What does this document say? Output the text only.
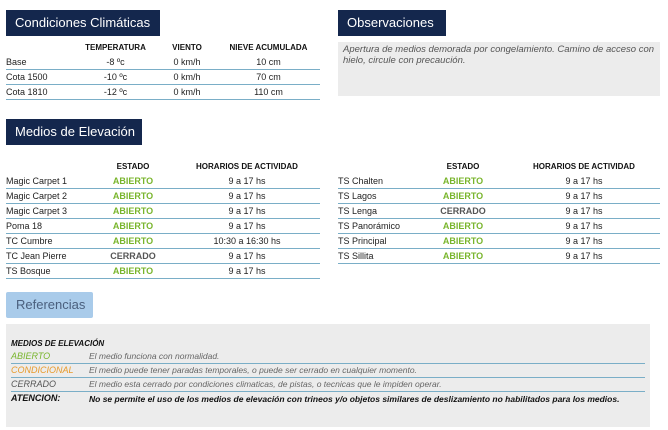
Condiciones Climáticas
	TEMPERATURA	VIENTO	NIEVE ACUMULADA
Base	-8 ºc	0 km/h	10 cm
Cota 1500	-10 ºc	0 km/h	70 cm
Cota 1810	-12 ºc	0 km/h	110 cm
Observaciones
Apertura de medios demorada por congelamiento. Camino de acceso con hielo, circule con precaución.
Medios de Elevación
	ESTADO	HORARIOS DE ACTIVIDAD
Magic Carpet 1	ABIERTO	9 a 17 hs
Magic Carpet 2	ABIERTO	9 a 17 hs
Magic Carpet 3	ABIERTO	9 a 17 hs
Poma 18	ABIERTO	9 a 17 hs
TC Cumbre	ABIERTO	10:30 a 16:30 hs
TC Jean Pierre	CERRADO	9 a 17 hs
TS Bosque	ABIERTO	9 a 17 hs
	ESTADO	HORARIOS DE ACTIVIDAD
TS Chalten	ABIERTO	9 a 17 hs
TS Lagos	ABIERTO	9 a 17 hs
TS Lenga	CERRADO	9 a 17 hs
TS Panorámico	ABIERTO	9 a 17 hs
TS Principal	ABIERTO	9 a 17 hs
TS Sillita	ABIERTO	9 a 17 hs
Referencias
MEDIOS DE ELEVACIÓN
ABIERTO	El medio funciona con normalidad.
CONDICIONAL	El medio puede tener paradas temporales, o puede ser cerrado en cualquier momento.
CERRADO	El medio esta cerrado por condiciones climaticas, de pistas, o tecnicas que le impiden operar.
ATENCION:	No se permite el uso de los medios de elevación con trineos y/o objetos similares de deslizamiento no habilitados para los medios.
